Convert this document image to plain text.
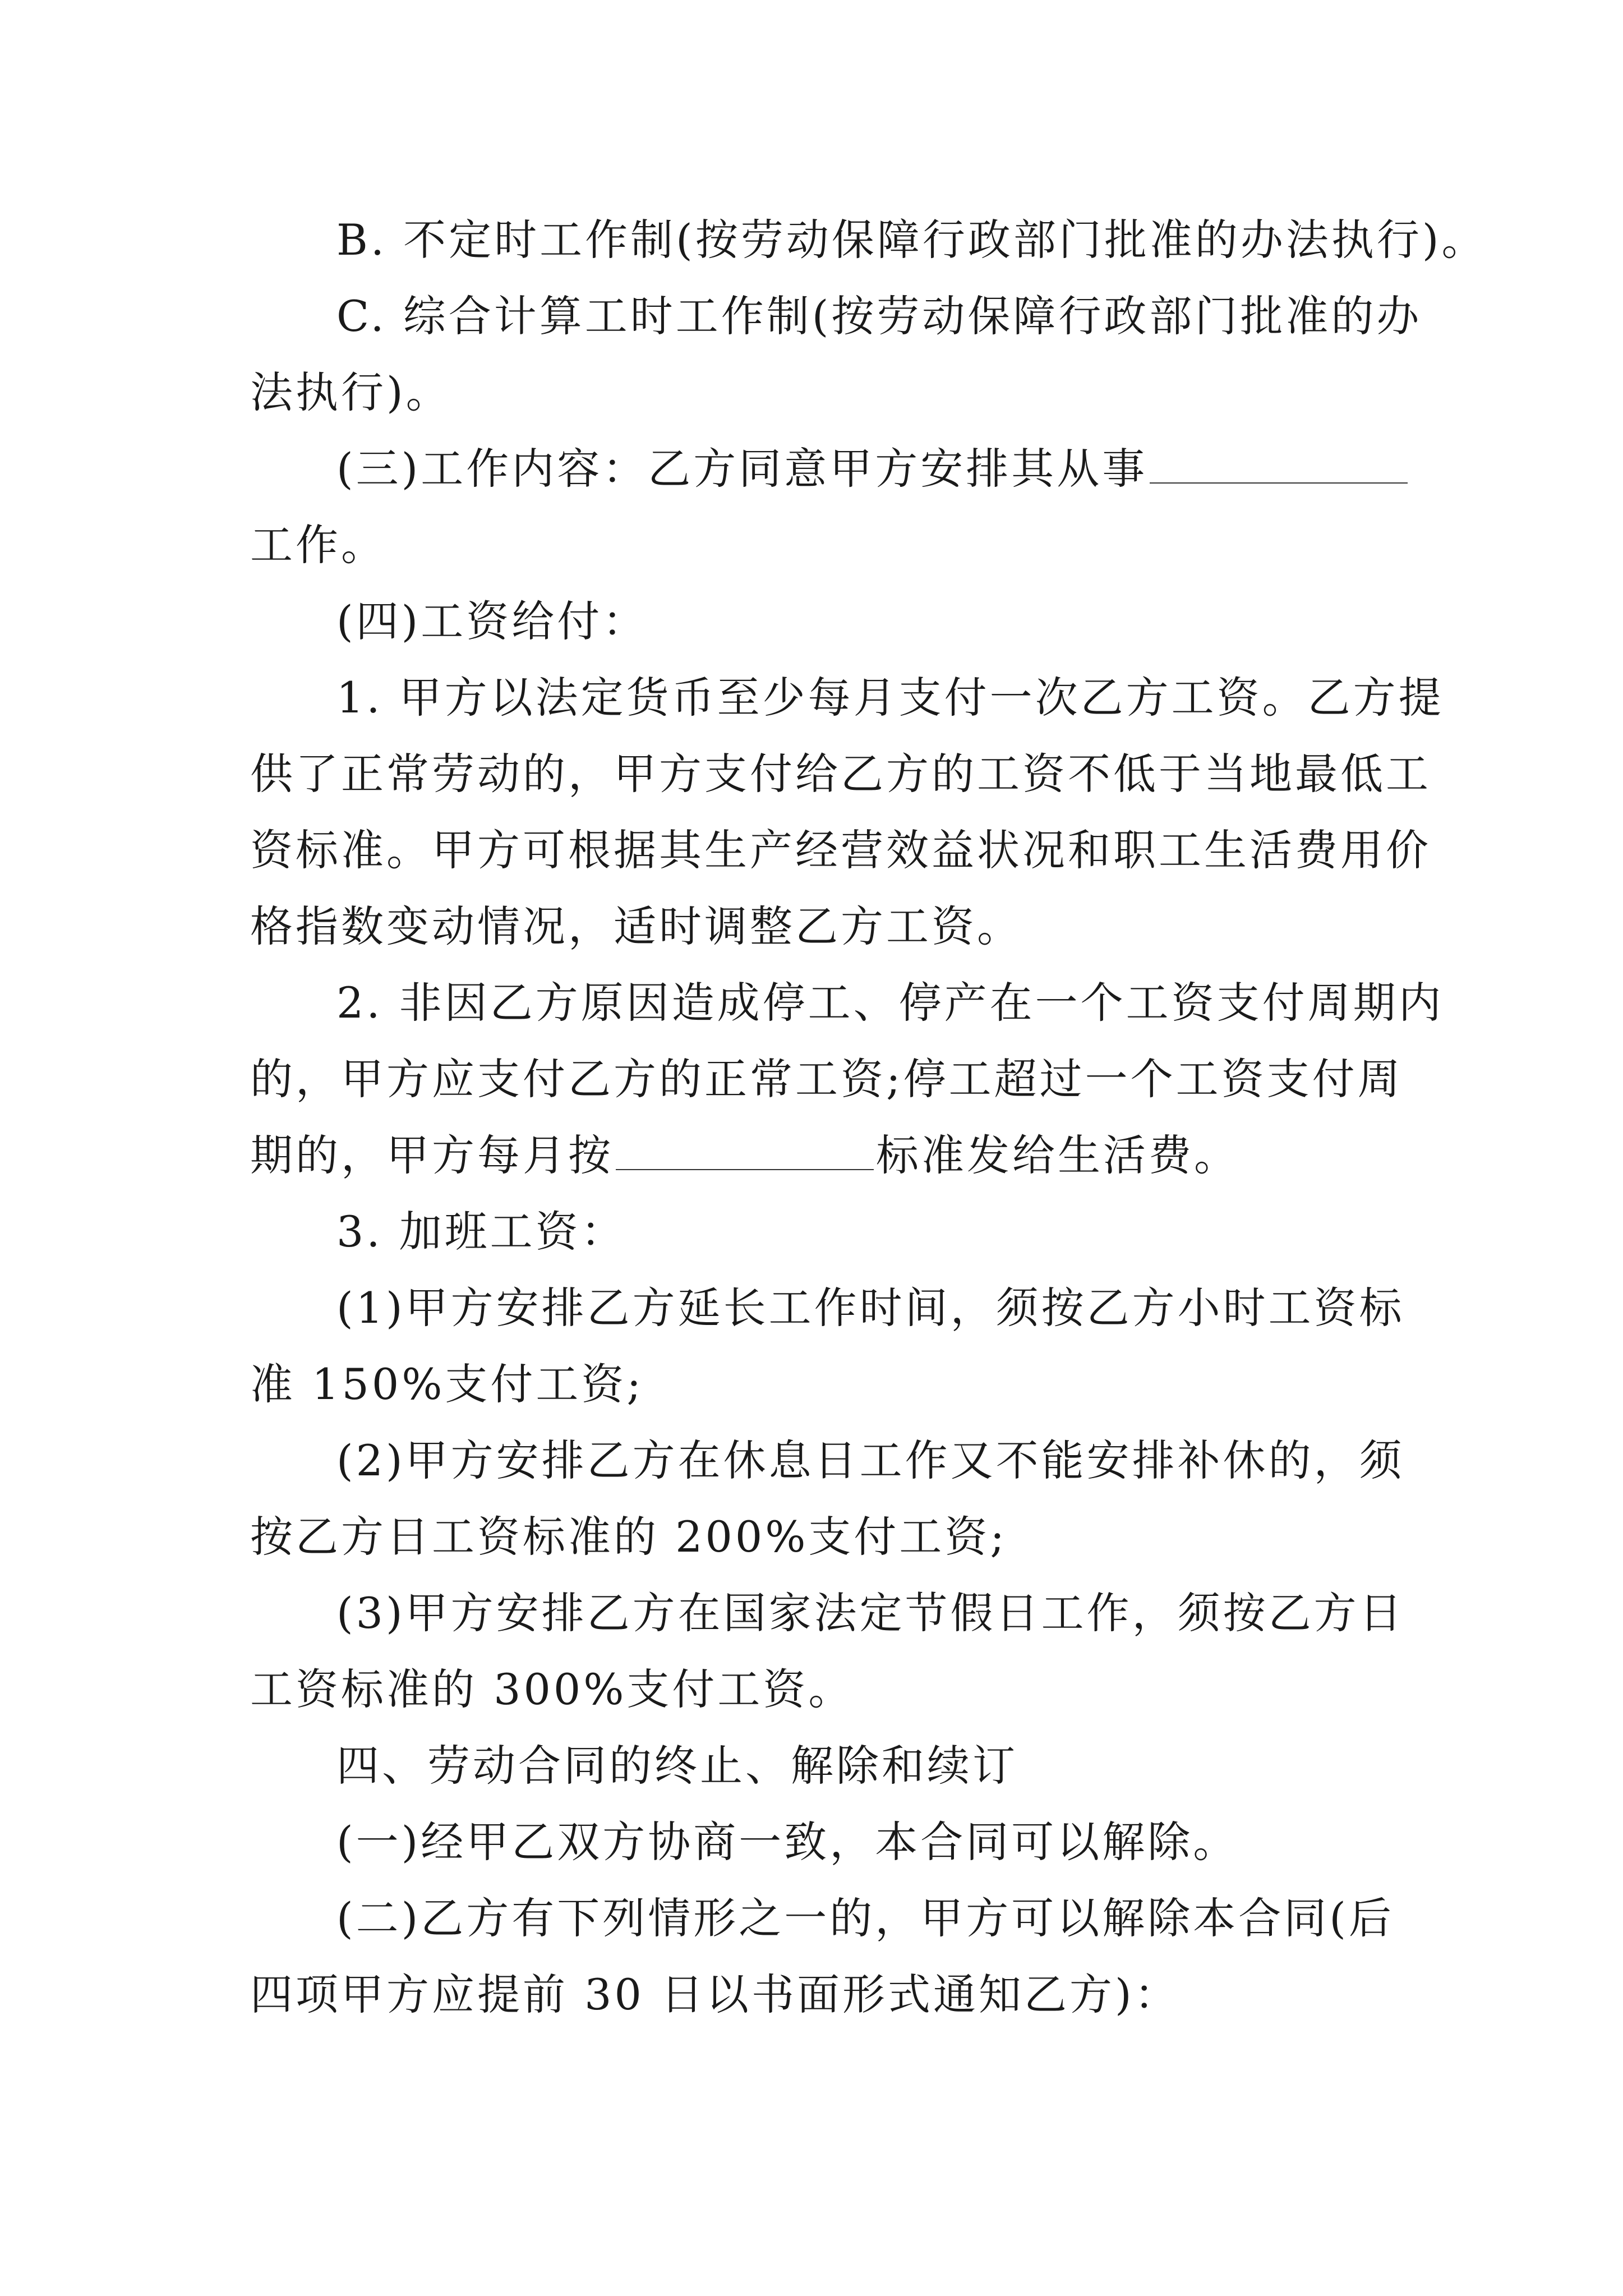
B. 不定时工作制(按劳动保障行政部门批准的办法执行)。
C. 综合计算工时工作制(按劳动保障行政部门批准的办
法执行)。
(三)工作内容：乙方同意甲方安排其从事
工作。
(四)工资给付：
1. 甲方以法定货币至少每月支付一次乙方工资。乙方提
供了正常劳动的，甲方支付给乙方的工资不低于当地最低工
资标准。甲方可根据其生产经营效益状况和职工生活费用价
格指数变动情况，适时调整乙方工资。
2. 非因乙方原因造成停工、停产在一个工资支付周期内
的，甲方应支付乙方的正常工资;停工超过一个工资支付周
期的，甲方每月按	标准发给生活费。
3. 加班工资：
(1)甲方安排乙方延长工作时间，须按乙方小时工资标
准 150%支付工资;
(2)甲方安排乙方在休息日工作又不能安排补休的，须
按乙方日工资标准的 200%支付工资;
(3)甲方安排乙方在国家法定节假日工作，须按乙方日
工资标准的 300%支付工资。
四、劳动合同的终止、解除和续订
(一)经甲乙双方协商一致，本合同可以解除。
(二)乙方有下列情形之一的，甲方可以解除本合同(后
四项甲方应提前 30 日以书面形式通知乙方)：
